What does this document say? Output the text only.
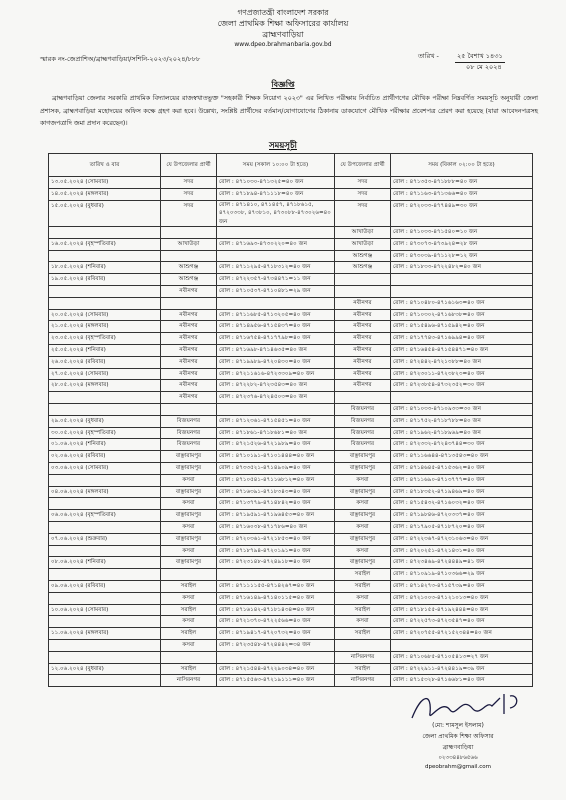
গণপ্রজাতন্ত্রী বাংলাদেশ সরকার
জেলা প্রাথমিক শিক্ষা অফিসারের কার্যালয়
ব্রাহ্মণবাড়িয়া
www.dpeo.brahmanbaria.gov.bd
স্মারক নং-জেপ্রাশিঅ/ব্রাহ্মণবাড়িয়া/সশিনি-২০২৩/২০২৪/৮৮৮	তারিখ -	২৫ বৈশাখ ১৪৩১
০৮ মে ২০২৪
বিজ্ঞপ্তি
ব্রাহ্মণবাড়িয়া জেলার সরকারি প্রাথমিক বিদ্যালয়ের রাজস্বখাতভুক্ত "সহকারী শিক্ষক নিয়োগ ২০২৩" এর লিখিত পরীক্ষায় নির্বাচিত প্রার্থীগণের মৌখিক পরীক্ষা নিম্নবর্ণিত সময়সূচি অনুযায়ী জেলা প্রশাসক, ব্রাহ্মণবাড়িয়া মহোদয়ের অফিস কক্ষে গ্রহণ করা হবে। উল্লেখ্য, সংশ্লিষ্ট প্রার্থীদের বর্তমান/যোগাযোগের ঠিকানায় ডাকযোগে মৌখিক পরীক্ষার প্রবেশপত্র প্রেরণ করা হয়েছে (যারা আবেদনপত্রসহ কাগজপত্রাদি জমা প্রদান করেছেন)।
সময়সূচী
তারিখ ও বার	যে উপজেলার প্রার্থী	সময় (সকাল ১০:০০ টা হতে)	যে উপজেলার প্রার্থী	সময় (বিকাল ০২:০০ টা হতে)
১৩.০৫.২০২৪ (সোমবার)	সদর	রোল : ৪৭১০৩০-৪৭১৩২৫=৪০ জন	সদর	রোল : ৪৭১৩৫৩-৪৭১৮৮৮=৪০ জন
১৪.০৫.২০২৪ (মঙ্গলবার)	সদর	রোল : ৪৭১৮৯৪-৪৭১১১৮=৪০ জন	সদর	রোল : ৪৭১১৬৩-৪৭১৩৬৬=৪০ জন
১৫.০৫.২০২৪ (বুধবার)	সদর	রোল : ৪৭১৪১০, ৪৭১৪৫৭, ৪৭১৮৬১৫, ৪৭২০৩৩৮, ৪৭৩৮১০, ৪৭৩০৮৮-৪৭৩০২৬=৪০ জন	সদর	রোল : ৪৭২০৩৩-৪৭৭৪৪৯=৩০ জন
			আখাউড়া	রোল : ৪৭১০৩৩-৪৭১৫৪০=১০ জন
১৬.০৫.২০২৪ (বৃহস্পতিবার)	আখাউড়া	রোল : ৪৭১৬৯৩-৪৭৩০২২০=৪০ জন	আখাউড়া	রোল : ৪৭৩০৭৩-৪৭৩৯২৪=২৮ জন
			আশুগঞ্জ	রোল : ৪৭৩০৩৯-৪৭১১২৮=১২ জন
১৮.০৫.২০২৪ (শনিবার)	আশুগঞ্জ	রোল : ৪৭১১২৯৫-৪৭১৮৩১২=৪০ জন	আশুগঞ্জ	রোল : ৪৭১৮৩৩-৪৭২২৪৮২=৪০ জন
১৯.০৫.২০২৪ (রবিবার)	আশুগঞ্জ	রোল : ৪৭২২৩৫৭-৪৭৩৪৪৭১=১১ জন		
	নবীনগর	রোল : ৪৭১০৫৩৭-৪৭১০৪৮১=২৯ জন		
			নবীনগর	রোল : ৪৭১০৪৮০-৪৭১৬১৬৩=৪০ জন
২০.০৫.২০২৪ (সোমবার)	নবীনগর	রোল : ৪৭১১৬৮৫-৪৭১৩২০৫=৪০ জন	নবীনগর	রোল : ৪৭১০৩০২-৪৭১৬৮৩৮=৪০ জন
২১.০৫.২০২৪ (মঙ্গলবার)	নবীনগর	রোল : ৪৭১৪৯৫৬-৪৭১৫৪৩৭=৪০ জন	নবীনগর	রোল : ৪৭১৫৪৯৬-৪৭১৫৯৪২=৪০ জন
২৩.০৫.২০২৪ (বৃহস্পতিবার)	নবীনগর	রোল : ৪৭১৬৭৫৪-৪৭১৭৭৯৮=৪০ জন	নবীনগর	রোল : ৪৭১৭৭৪৩-৪৭১৬৯৯৪=৪০ জন
২৫.০৫.২০২৪ (শনিবার)	নবীনগর	রোল : ৪৭১৬৯৮-৪৭১৪৬৩৫=৪০ জন	নবীনগর	রোল : ৪৭১৬৪৫৪-৪৭১৫৪৪৭১=৪০ জন
২৬.০৫.২০২৪ (রবিবার)	নবীনগর	রোল : ৪৭১৯৯৮৯-৪৭২০৪৩০=৪০ জন	নবীনগর	রোল : ৪৭২৪৪২-৪৭২১৩৮৮=৪০ জন
২৭.০৫.২০২৪ (সোমবার)	নবীনগর	রোল : ৪৭২১১৬১৬-৪৭২৩৩০৯=৪০ জন	নবীনগর	রোল : ৪৭২৩০১১-৪৭২৩৮২৩=৪০ জন
২৮.০৫.২০২৪ (মঙ্গলবার)	নবীনগর	রোল : ৪৭২২৮২-৪৭২৩৫৪৩=৪০ জন	নবীনগর	রোল : ৪৭২৩৮৫৪-৪৭৩২৩৫২=৩০ জন
	নবীনগর	রোল : ৪৭২৩৭৬-৪৭২৪৫০৩=৪০ জন		
			বিজয়নগর	রোল : ৪৭১০৩৩-৪৭১০৯৩৩=৩০ জন
২৯.০৫.২০২৪ (বুধবার)	বিজয়নগর	রোল : ৪৭১২৩৬১-৪৭১৫৪৫১=৪০ জন	বিজয়নগর	রোল : ৪৭১৭৫২-৪৭১৮৭৮৮=৪০ জন
৩০.০৫.২০২৪ (বৃহস্পতিবার)	বিজয়নগর	রোল : ৪৭১৮৬১-৪৭১৮৬৮১=৪০ জন	বিজয়নগর	রোল : ৪৭১৯৬২-৪৭১৮৯৬৯=৪০ জন
০১.০৬.২০২৪ (শনিবার)	বিজয়নগর	রোল : ৪৭২১৫২৬-৪৭২১৯৮৯=৪০ জন	বিজয়নগর	রোল : ৪৭২৩৩২-৪৭২৪৩৭৪৪=৩০ জন
০২.০৬.২০২৪ (রবিবার)	বাঞ্ছারামপুর	রোল : ৪৭১০১৯১-৪৭১০১৪৪৪=৪০ জন	বাঞ্ছারামপুর	রোল : ৪৭১১৬৬৪৪-৪৭১৩৫৪৩=৪০ জন
০৩.০৬.২০২৪ (সোমবার)	বাঞ্ছারামপুর	রোল : ৪৭৩৩৫২১-৪৭১৪৯০৯=৪০ জন	বাঞ্ছারামপুর	রোল : ৪৭১৪৬৪৫-৪৭১৫৩৬২=৪০ জন
	কসবা	রোল : ৪৭১০৫৪১-৪৭১১৬৮১২=৪০ জন	কসবা	রোল : ৪৭১১৬৯০-৪৭১৩৭৭৭=৪০ জন
০৪.০৬.২০২৪ (মঙ্গলবার)	বাঞ্ছারামপুর	রোল : ৪৭১৬৩৯১-৪৭১৮৩৪৩=৪০ জন	বাঞ্ছারামপুর	রোল : ৪৭১৮৩৫২-৪৭১৯৪৬৯=৪০ জন
	কসবা	রোল : ৪৭১৩৭৭৯-৪৭১৪৮৪২=৪০ জন	কসবা	রোল : ৪৭১৫৪৩২-৪৭১৬০৩২=৪০ জন
০৬.০৬.২০২৪ (বৃহস্পতিবার)	বাঞ্ছারামপুর	রোল : ৪৭১৯৫৯১-৪৭১৯৬৪৫৩=৪০ জন	বাঞ্ছারামপুর	রোল : ৪৭১৯৮৪৬-৪৭২০৩৩৭=৪০ জন
	কসবা	রোল : ৪৭১৬০৩৮-৪৭১৭৮৬=৪০ জন	কসবা	রোল : ৪৭১৭৯০৫-৪৭১৮৭২০=৪০ জন
০৭.০৬.২০২৪ (শুক্রবার)	বাঞ্ছারামপুর	রোল : ৪৭২০৩৬১-৪৭২১৮৫৩=৪০ জন	বাঞ্ছারামপুর	রোল : ৪৭২২৩৬৭-৪৭২৩১০৬৩=৪০ জন
	কসবা	রোল : ৪৭১৮৭৯৪-৪৭২০১৯১=৪০ জন	কসবা	রোল : ৪৭২০২৫১-৪৭২১৪৩১=৪০ জন
০৮.০৬.২০২৪ (শনিবার)	বাঞ্ছারামপুর	রোল : ৪৭২৩১৪৮-৪৭২৪৯১৮=৪০ জন	বাঞ্ছারামপুর	রোল : ৪৭২৩৪৬৯-৪৭২৪৪৪৯=৪১ জন
			সরাইল	রোল : ৪৭১০৯১৯-৪৭১০৩৬৬=২৯ জন
০৯.০৬.২০২৪ (রবিবার)	সরাইল	রোল : ৪৭১১১১৫৫-৪৭১৪২৬৭=৪০ জন	সরাইল	রোল : ৪৭১৪২৭৩-৪৭১৫৭৩৯=৪০ জন
	কসবা	রোল : ৪৭১৬১৪৯-৪৭১৪০১১৫=৪০ জন	কসবা	রোল : ৪৭২১০০৩-৪৭১২১০১৩=৪০ জন
১০.০৬.২০২৪ (সোমবার)	সরাইল	রোল : ৪৭১৬১৪২-৪৭১৮১৪৩৪=৪০ জন	সরাইল	রোল : ৪৭১৮১৫৫-৪৭১৯২৪৪৪=৪০ জন
	কসবা	রোল : ৪৭২১৩৭০-৪৭২২৫৬৬=৪০ জন	কসবা	রোল : ৪৭২২৫৭৩-৪৭২৩৫৪৭=৪০ জন
১১.০৬.২০২৪ (মঙ্গলবার)	সরাইল	রোল : ৪৭১৯৪১৭-৪৭২০৭৩২=৪০ জন	সরাইল	রোল : ৪৭২০৭৫৫-৪৭২১৫২৩৪৪=৪০ জন
	কসবা	রোল : ৪৭২৩৫৪৮-৪৭২৪৪৪২=৩৪ জন		
			নাসিরনগর	রোল : ৪৭১০৬৮৫-৪৭১০৫৪১৩=২৭ জন
১২.০৬.২০২৪ (বুধবার)	সরাইল	রোল : ৪৭২১৫৪৪-৪৭২২৯০৩৪=৪০ জন	সরাইল	রোল : ৪৭২২৯১১-৪৭২৪৪১৯=৩৯ জন
	নাসিরনগর	রোল : ৪৭১৫৫৬৩-৪৭২১৯১১১=৪০ জন	নাসিরনগর	রোল : ৪৭১৫৩২৮-৪৭১৬৬৮১=৪০ জন
(মো: শামসুল ইসলাম)
জেলা প্রাথমিক শিক্ষা অফিসার
ব্রাহ্মণবাড়িয়া
০২৩৩৪৪৮৬৫৬৬
dpeobrahm@gmail.com
